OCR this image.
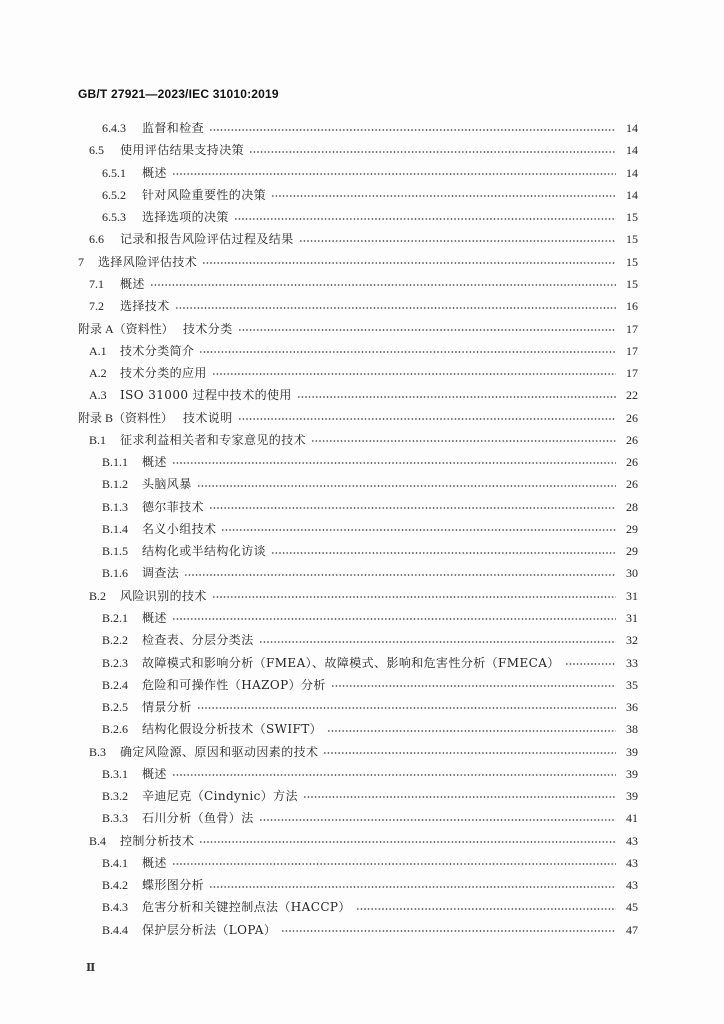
GB/T 27921—2023/IEC 31010:2019
6.4.3	监督和检查	14
6.5	使用评估结果支持决策	14
6.5.1	概述	14
6.5.2	针对风险重要性的决策	14
6.5.3	选择选项的决策	15
6.6	记录和报告风险评估过程及结果	15
7	选择风险评估技术	15
7.1	概述	15
7.2	选择技术	16
附录 A（资料性） 技术分类	17
A.1	技术分类简介	17
A.2	技术分类的应用	17
A.3	ISO 31000 过程中技术的使用	22
附录 B（资料性） 技术说明	26
B.1	征求利益相关者和专家意见的技术	26
B.1.1	概述	26
B.1.2	头脑风暴	26
B.1.3	德尔菲技术	28
B.1.4	名义小组技术	29
B.1.5	结构化或半结构化访谈	29
B.1.6	调查法	30
B.2	风险识别的技术	31
B.2.1	概述	31
B.2.2	检查表、分层分类法	32
B.2.3	故障模式和影响分析（FMEA）、故障模式、影响和危害性分析（FMECA）	33
B.2.4	危险和可操作性（HAZOP）分析	35
B.2.5	情景分析	36
B.2.6	结构化假设分析技术（SWIFT）	38
B.3	确定风险源、原因和驱动因素的技术	39
B.3.1	概述	39
B.3.2	辛迪尼克（Cindynic）方法	39
B.3.3	石川分析（鱼骨）法	41
B.4	控制分析技术	43
B.4.1	概述	43
B.4.2	蝶形图分析	43
B.4.3	危害分析和关键控制点法（HACCP）	45
B.4.4	保护层分析法（LOPA）	47
Ⅱ
